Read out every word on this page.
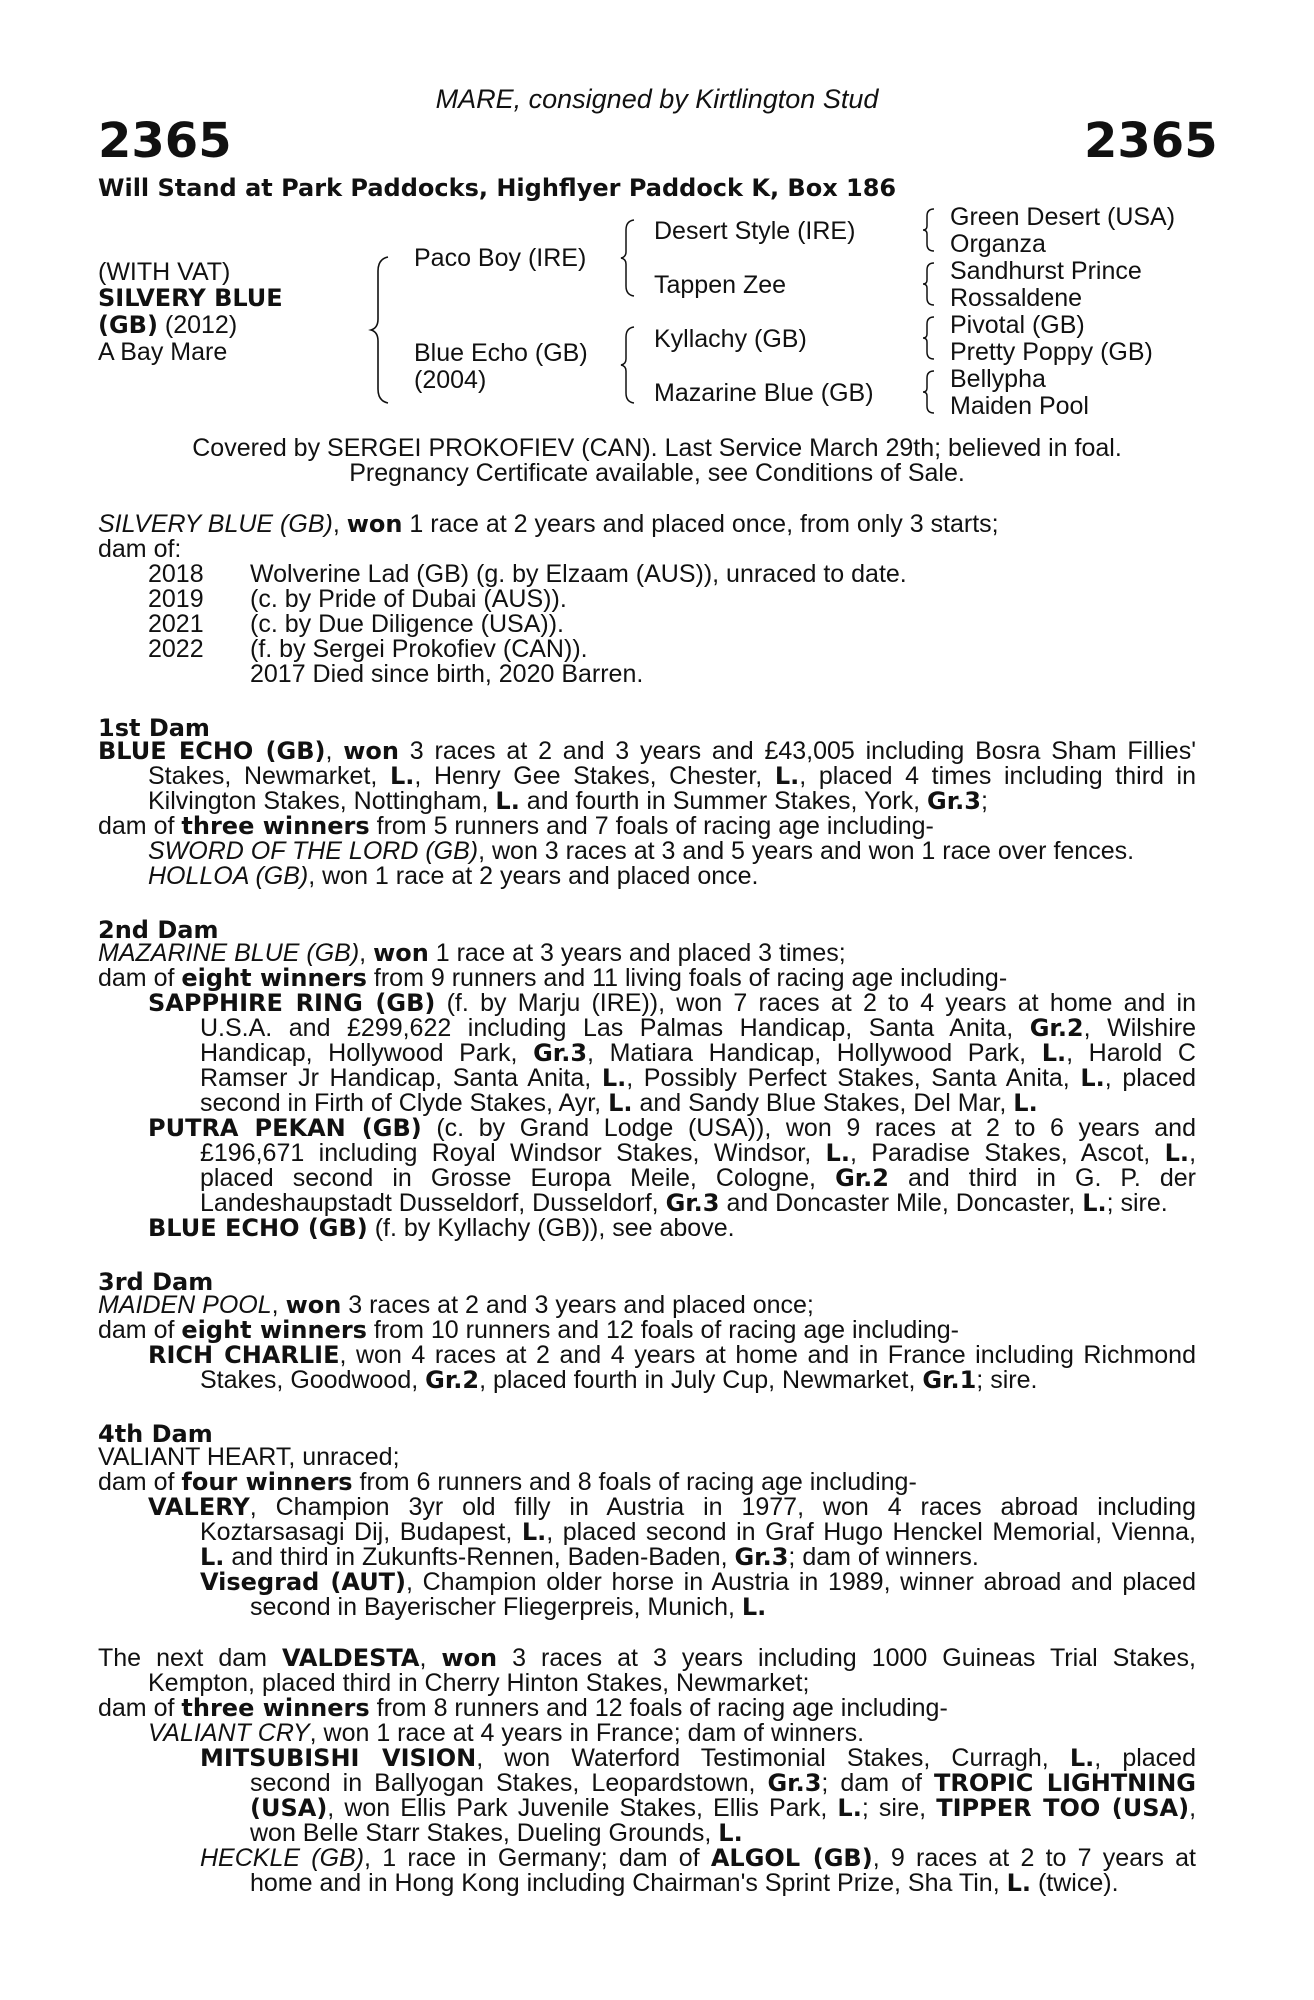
MARE, consigned by Kirtlington Stud
2365	2365
Will Stand at Park Paddocks, Highflyer Paddock K, Box 186
(WITH VAT)
SILVERY BLUE
(GB) (2012)
A Bay Mare
Paco Boy (IRE)
Blue Echo (GB)
(2004)
Desert Style (IRE)
Tappen Zee
Kyllachy (GB)
Mazarine Blue (GB)
Green Desert (USA)
Organza
Sandhurst Prince
Rossaldene
Pivotal (GB)
Pretty Poppy (GB)
Bellypha
Maiden Pool
Covered by SERGEI PROKOFIEV (CAN). Last Service March 29th; believed in foal.
Pregnancy Certificate available, see Conditions of Sale.
SILVERY BLUE (GB), won 1 race at 2 years and placed once, from only 3 starts;
dam of:
2018 Wolverine Lad (GB) (g. by Elzaam (AUS)), unraced to date.
2019 (c. by Pride of Dubai (AUS)).
2021 (c. by Due Diligence (USA)).
2022 (f. by Sergei Prokofiev (CAN)).
2017 Died since birth, 2020 Barren.
1st Dam
BLUE ECHO (GB), won 3 races at 2 and 3 years and £43,005 including Bosra Sham Fillies'
Stakes, Newmarket, L., Henry Gee Stakes, Chester, L., placed 4 times including third in
Kilvington Stakes, Nottingham, L. and fourth in Summer Stakes, York, Gr.3;
dam of three winners from 5 runners and 7 foals of racing age including-
SWORD OF THE LORD (GB), won 3 races at 3 and 5 years and won 1 race over fences.
HOLLOA (GB), won 1 race at 2 years and placed once.
2nd Dam
MAZARINE BLUE (GB), won 1 race at 3 years and placed 3 times;
dam of eight winners from 9 runners and 11 living foals of racing age including-
SAPPHIRE RING (GB) (f. by Marju (IRE)), won 7 races at 2 to 4 years at home and in
U.S.A. and £299,622 including Las Palmas Handicap, Santa Anita, Gr.2, Wilshire
Handicap, Hollywood Park, Gr.3, Matiara Handicap, Hollywood Park, L., Harold C
Ramser Jr Handicap, Santa Anita, L., Possibly Perfect Stakes, Santa Anita, L., placed
second in Firth of Clyde Stakes, Ayr, L. and Sandy Blue Stakes, Del Mar, L.
PUTRA PEKAN (GB) (c. by Grand Lodge (USA)), won 9 races at 2 to 6 years and
£196,671 including Royal Windsor Stakes, Windsor, L., Paradise Stakes, Ascot, L.,
placed second in Grosse Europa Meile, Cologne, Gr.2 and third in G. P. der
Landeshaupstadt Dusseldorf, Dusseldorf, Gr.3 and Doncaster Mile, Doncaster, L.; sire.
BLUE ECHO (GB) (f. by Kyllachy (GB)), see above.
3rd Dam
MAIDEN POOL, won 3 races at 2 and 3 years and placed once;
dam of eight winners from 10 runners and 12 foals of racing age including-
RICH CHARLIE, won 4 races at 2 and 4 years at home and in France including Richmond
Stakes, Goodwood, Gr.2, placed fourth in July Cup, Newmarket, Gr.1; sire.
4th Dam
VALIANT HEART, unraced;
dam of four winners from 6 runners and 8 foals of racing age including-
VALERY, Champion 3yr old filly in Austria in 1977, won 4 races abroad including
Koztarsasagi Dij, Budapest, L., placed second in Graf Hugo Henckel Memorial, Vienna,
L. and third in Zukunfts-Rennen, Baden-Baden, Gr.3; dam of winners.
Visegrad (AUT), Champion older horse in Austria in 1989, winner abroad and placed
second in Bayerischer Fliegerpreis, Munich, L.
The next dam VALDESTA, won 3 races at 3 years including 1000 Guineas Trial Stakes,
Kempton, placed third in Cherry Hinton Stakes, Newmarket;
dam of three winners from 8 runners and 12 foals of racing age including-
VALIANT CRY, won 1 race at 4 years in France; dam of winners.
MITSUBISHI VISION, won Waterford Testimonial Stakes, Curragh, L., placed
second in Ballyogan Stakes, Leopardstown, Gr.3; dam of TROPIC LIGHTNING
(USA), won Ellis Park Juvenile Stakes, Ellis Park, L.; sire, TIPPER TOO (USA),
won Belle Starr Stakes, Dueling Grounds, L.
HECKLE (GB), 1 race in Germany; dam of ALGOL (GB), 9 races at 2 to 7 years at
home and in Hong Kong including Chairman's Sprint Prize, Sha Tin, L. (twice).
